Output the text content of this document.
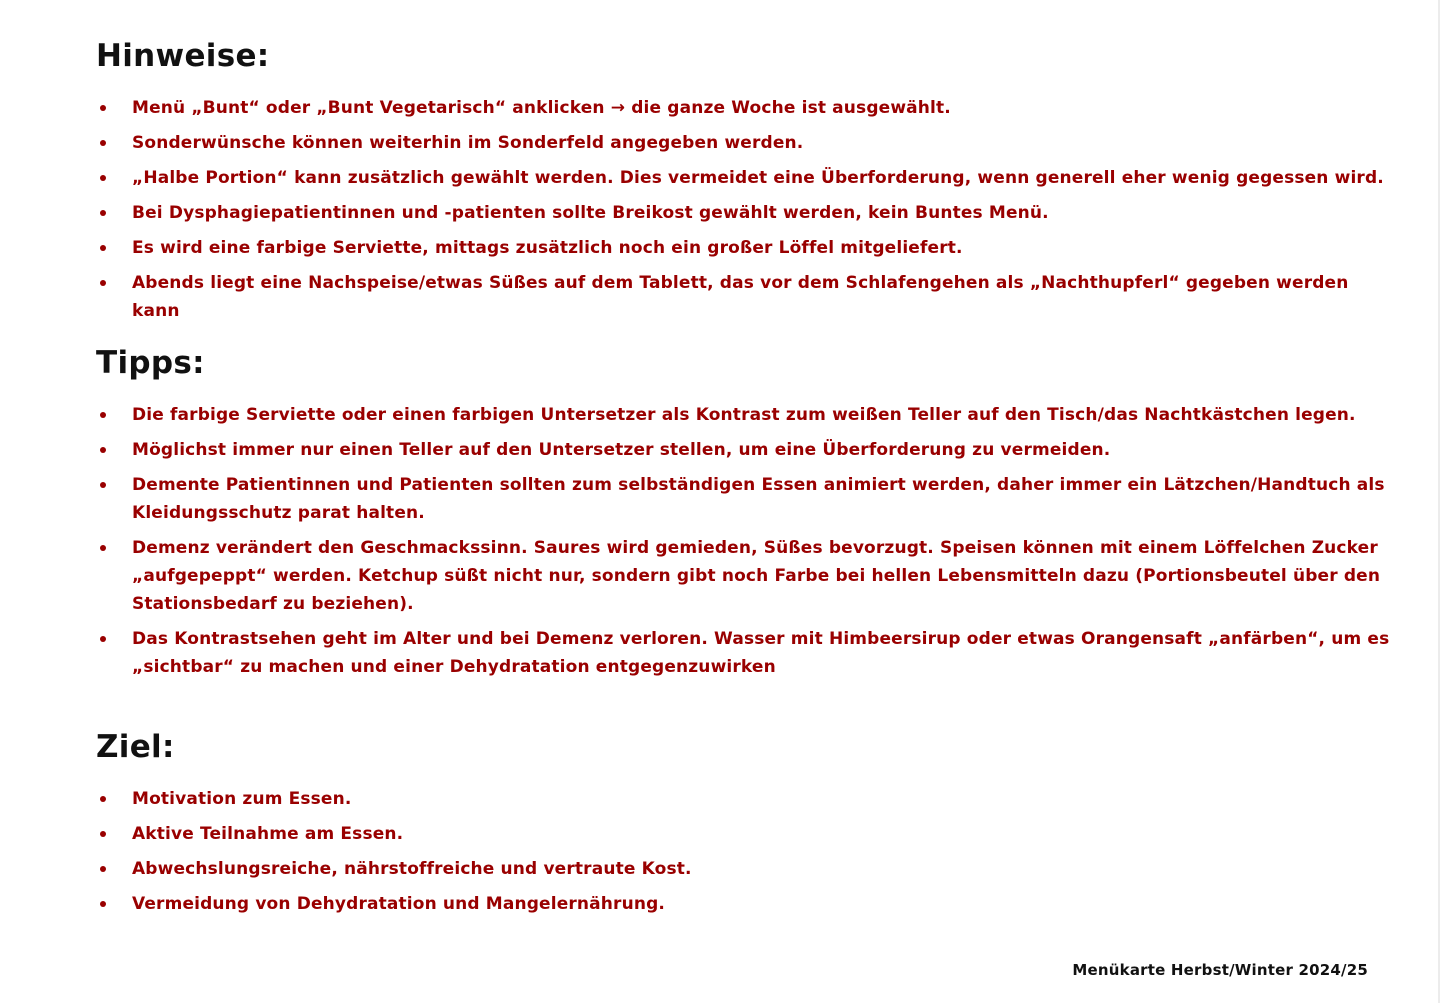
Hinweise:
Menü „Bunt“ oder „Bunt Vegetarisch“ anklicken → die ganze Woche ist ausgewählt.
Sonderwünsche können weiterhin im Sonderfeld angegeben werden.
„Halbe Portion“ kann zusätzlich gewählt werden. Dies vermeidet eine Überforderung, wenn generell eher wenig gegessen wird.
Bei Dysphagiepatientinnen und -patienten sollte Breikost gewählt werden, kein Buntes Menü.
Es wird eine farbige Serviette, mittags zusätzlich noch ein großer Löffel mitgeliefert.
Abends liegt eine Nachspeise/etwas Süßes auf dem Tablett, das vor dem Schlafengehen als „Nachthupferl“ gegeben werden kann
Tipps:
Die farbige Serviette oder einen farbigen Untersetzer als Kontrast zum weißen Teller auf den Tisch/das Nachtkästchen legen.
Möglichst immer nur einen Teller auf den Untersetzer stellen, um eine Überforderung zu vermeiden.
Demente Patientinnen und Patienten sollten zum selbständigen Essen animiert werden, daher immer ein Lätzchen/Handtuch als Kleidungsschutz parat halten.
Demenz verändert den Geschmackssinn. Saures wird gemieden, Süßes bevorzugt. Speisen können mit einem Löffelchen Zucker „aufgepeppt“ werden. Ketchup süßt nicht nur, sondern gibt noch Farbe bei hellen Lebensmitteln dazu (Portionsbeutel über den Stationsbedarf zu beziehen).
Das Kontrastsehen geht im Alter und bei Demenz verloren. Wasser mit Himbeersirup oder etwas Orangensaft „anfärben“, um es „sichtbar“ zu machen und einer Dehydratation entgegenzuwirken
Ziel:
Motivation zum Essen.
Aktive Teilnahme am Essen.
Abwechslungsreiche, nährstoffreiche und vertraute Kost.
Vermeidung von Dehydratation und Mangelernährung.
Menükarte Herbst/Winter 2024/25
